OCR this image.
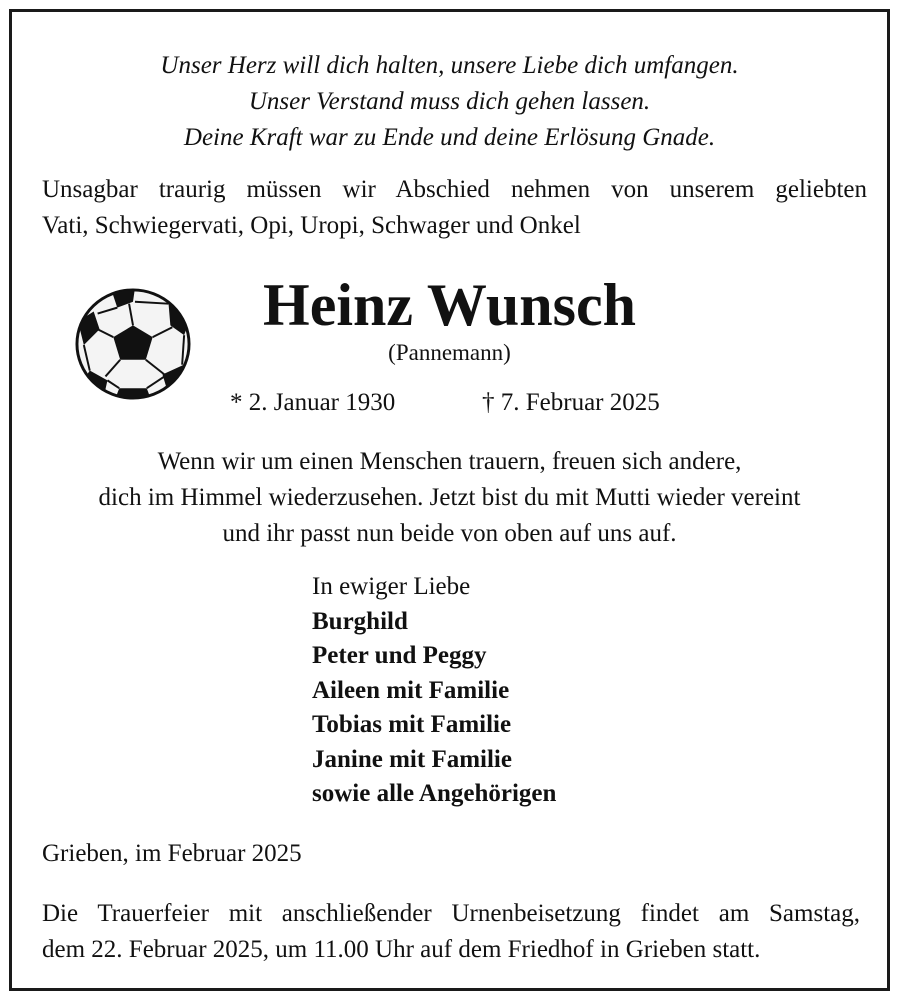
Unser Herz will dich halten, unsere Liebe dich umfangen.
Unser Verstand muss dich gehen lassen.
Deine Kraft war zu Ende und deine Erlösung Gnade.
Unsagbar traurig müssen wir Abschied nehmen von unserem geliebten
Vati, Schwiegervati, Opi, Uropi, Schwager und Onkel
Heinz Wunsch
(Pannemann)
* 2. Januar 1930	† 7. Februar 2025
Wenn wir um einen Menschen trauern, freuen sich andere,
dich im Himmel wiederzusehen. Jetzt bist du mit Mutti wieder vereint
und ihr passt nun beide von oben auf uns auf.
In ewiger Liebe
Burghild
Peter und Peggy
Aileen mit Familie
Tobias mit Familie
Janine mit Familie
sowie alle Angehörigen
Grieben, im Februar 2025
Die Trauerfeier mit anschließender Urnenbeisetzung findet am Samstag,
dem 22. Februar 2025, um 11.00 Uhr auf dem Friedhof in Grieben statt.
